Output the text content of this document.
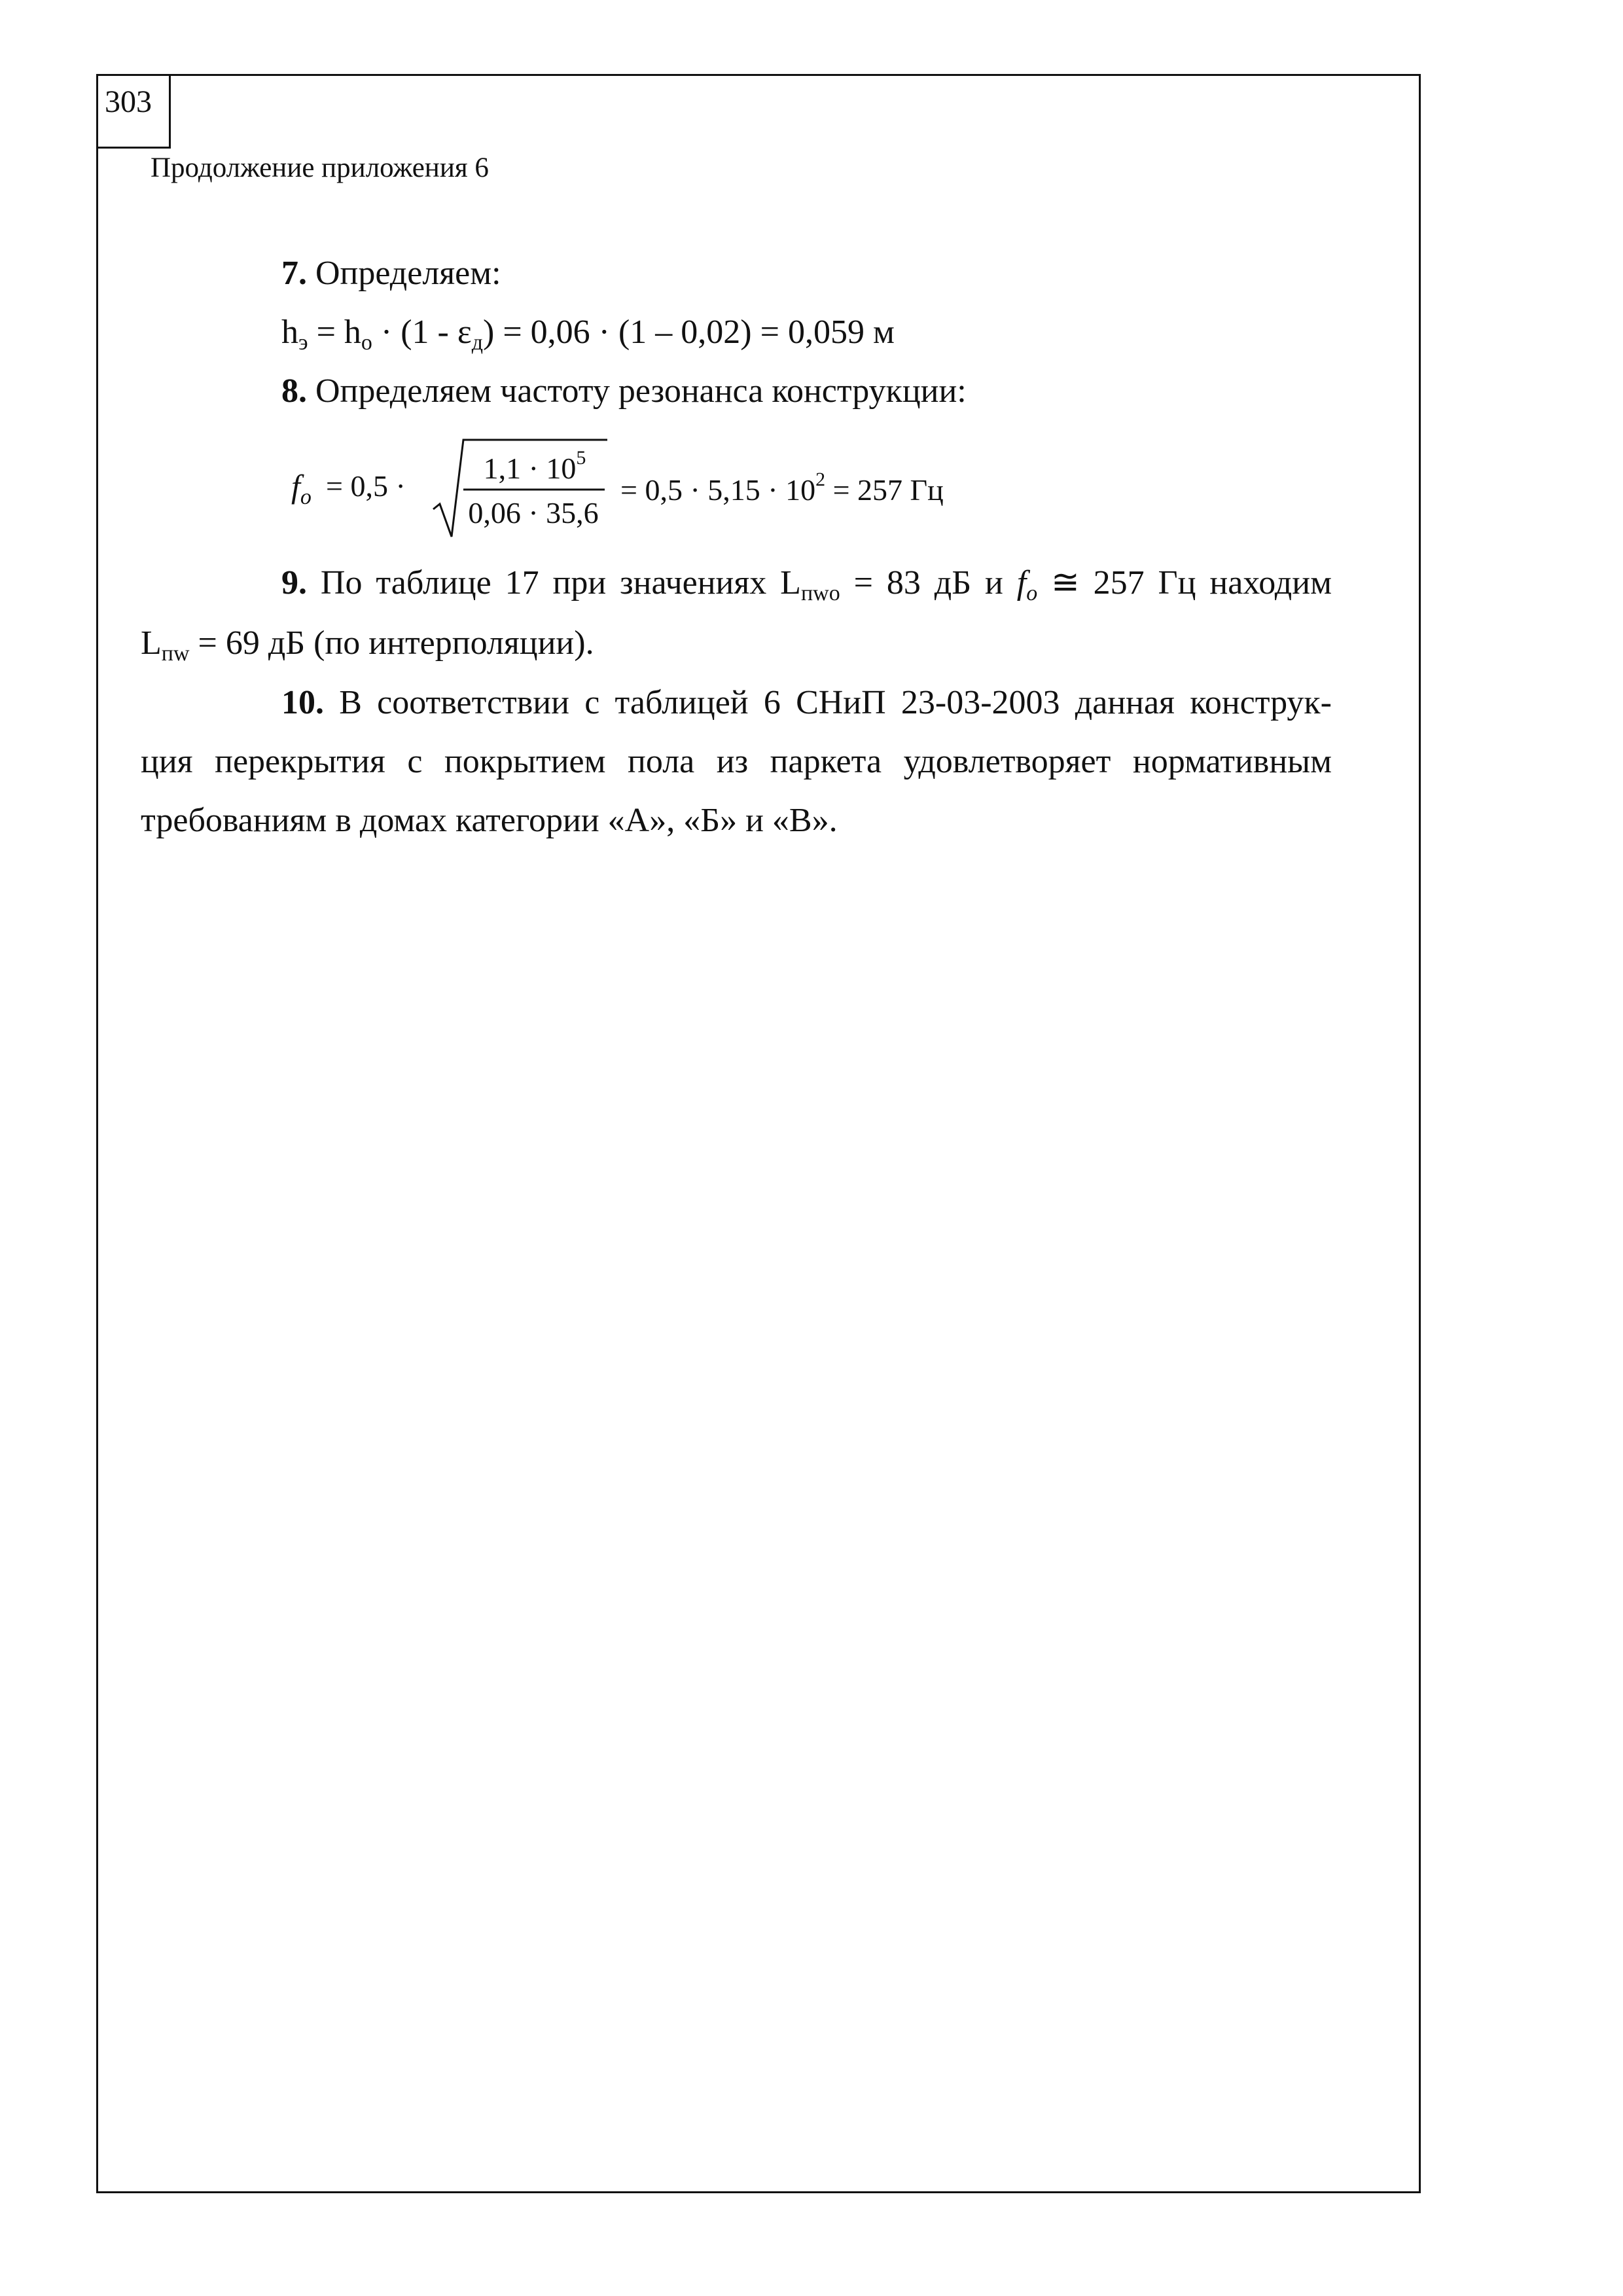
303
Продолжение приложения 6
7. Определяем:
$h_э = h_о \cdot (1 - \varepsilon_д) = 0,06 \cdot (1 - 0,02) = 0,059$ м
8. Определяем частоту резонанса конструкции:
$f_o = 0,5$ ·
$1,1 \cdot 10^5$
0,06 · 35,6
= $0,5 \cdot 5,15 \cdot 10^2 = 257$ Гц
9. По таблице 17 при значениях $L_{пwo} = 83$ дБ и $f_o$ ≅ 257 Гц находим
$L_{пw} = 69$ дБ (по интерполяции).
10. В соответствии с таблицей 6 СНиП 23-03-2003 данная конструк-
ция перекрытия с покрытием пола из паркета удовлетворяет нормативным
требованиям в домах категории «А», «Б» и «В».
